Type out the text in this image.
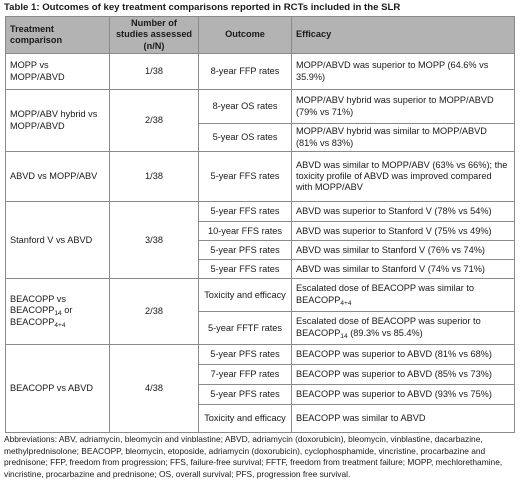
Table 1: Outcomes of key treatment comparisons reported in RCTs included in the SLR
Treatment comparison	Number of studies assessed (n/N)	Outcome	Efficacy
MOPP vs MOPP/ABVD	1/38	8-year FFP rates	MOPP/ABVD was superior to MOPP (64.6% vs 35.9%)
MOPP/ABV hybrid vs MOPP/ABVD	2/38	8-year OS rates	MOPP/ABV hybrid was superior to MOPP/ABVD (79% vs 71%)
		5-year OS rates	MOPP/ABV hybrid was similar to MOPP/ABVD (81% vs 83%)
ABVD vs MOPP/ABV	1/38	5-year FFS rates	ABVD was similar to MOPP/ABV (63% vs 66%); the toxicity profile of ABVD was improved compared with MOPP/ABV
Stanford V vs ABVD	3/38	5-year FFS rates	ABVD was superior to Stanford V (78% vs 54%)
		10-year FFS rates	ABVD was superior to Stanford V (75% vs 49%)
		5-year PFS rates	ABVD was similar to Stanford V (76% vs 74%)
		5-year FFS rates	ABVD was similar to Stanford V (74% vs 71%)
BEACOPP vs $BEACOPP_{14}$ or $BEACOPP_{4+4}$	2/38	Toxicity and efficacy	Escalated dose of BEACOPP was similar to $BEACOPP_{4+4}$
		5-year FFTF rates	Escalated dose of BEACOPP was superior to $BEACOPP_{14}$ (89.3% vs 85.4%)
BEACOPP vs ABVD	4/38	5-year PFS rates	BEACOPP was superior to ABVD (81% vs 68%)
		7-year FFP rates	BEACOPP was superior to ABVD (85% vs 73%)
		5-year PFS rates	BEACOPP was superior to ABVD (93% vs 75%)
		Toxicity and efficacy	BEACOPP was similar to ABVD
Abbreviations: ABV, adriamycin, bleomycin and vinblastine; ABVD, adriamycin (doxorubicin), bleomycin, vinblastine, dacarbazine, methylprednisolone; BEACOPP, bleomycin, etoposide, adriamycin (doxorubicin), cyclophosphamide, vincristine, procarbazine and prednisone; FFP, freedom from progression; FFS, failure-free survival; FFTF, freedom from treatment failure; MOPP, mechlorethamine, vincristine, procarbazine and prednisone; OS, overall survival; PFS, progression free survival.
